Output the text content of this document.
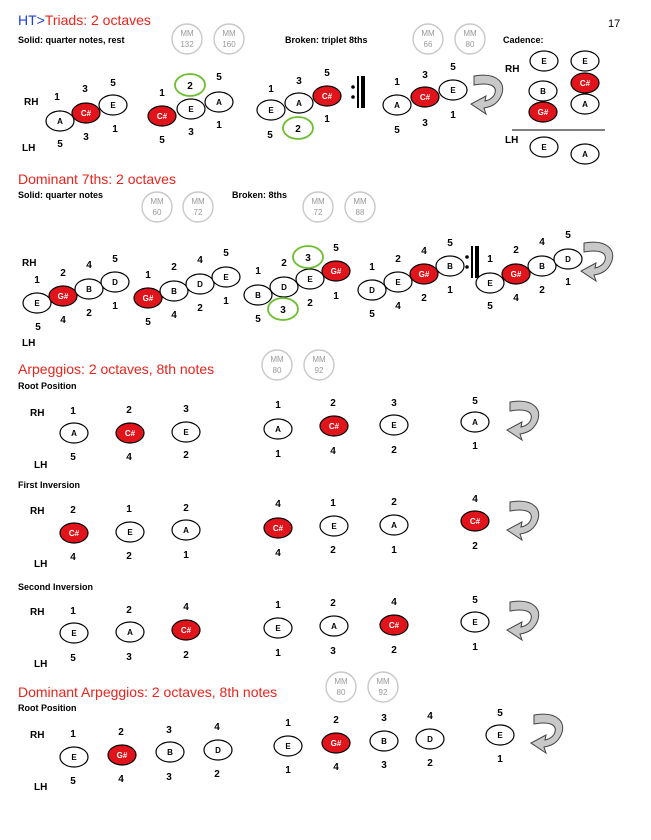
17
HT>Triads: 2 octaves
Solid: quarter notes, rest	Broken: triplet 8ths	Cadence:
MM
132
MM
160
MM
66
MM
80
RH
LH
RH
LH
A
C#
E
1
3
5
5
3
1
C#
E
A
2
1
5
5
3
1
E
A
C#
2
1
3
5
5
1
A
C#
E
1
3
5
5
3
1
E	E
C#
B
A
G#
E
A
Dominant 7ths: 2 octaves
Solid: quarter notes	Broken: 8ths
MM
60
MM
72
MM
72
MM
88
RH
LH
E
G#
B
D
1
2
4
5
5
4
2
1
G#
B
D
E
1
2
4
5
5
4
2
1
B
D
E
G#
3
3
1
2
5
5
2
1
D
E
G#
B
1
2
4
5
5
4
2
1
E
G#
B
D
1
2
4
5
5
4
2
1
Arpeggios: 2 octaves, 8th notes
MM
80
MM
92
Root Position
RH
LH
A	C#	E	A	C#	E	A
1	2	3	1	2	3	5
5	4	2	1	4	2	1
First Inversion
RH
LH
C#	E	A	C#	E	A	C#
2	1	2	4	1	2	4
4	2	1	4	2	1	2
Second Inversion
RH
LH
E	A	C#	E	A	C#	E
1	2	4	1	2	4	5
5	3	2	1	3	2	1
Dominant Arpeggios: 2 octaves, 8th notes
MM
80
MM
92
Root Position
RH
LH
E	G#	B	D	E	G#	B	D	E
1	2	3	4	1	2	3	4	5
5	4	3	2	1	4	3	2	1
